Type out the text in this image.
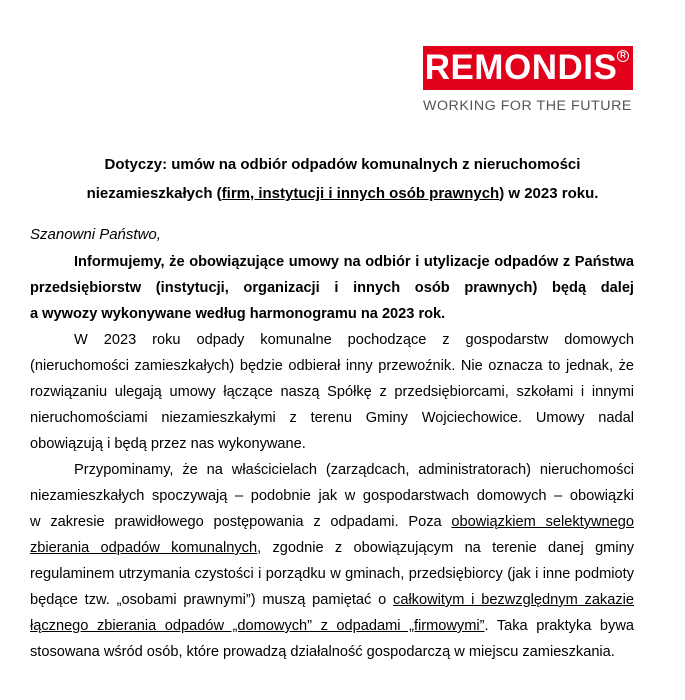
REMONDIS R
WORKING FOR THE FUTURE
Dotyczy: umów na odbiór odpadów komunalnych z nieruchomości
niezamieszkałych (firm, instytucji i innych osób prawnych) w 2023 roku.
Szanowni Państwo,
Informujemy, że obowiązujące umowy na odbiór i utylizacje odpadów z Państwa
przedsiębiorstw (instytucji, organizacji i innych osób prawnych) będą dalej
a wywozy wykonywane według harmonogramu na 2023 rok.
W 2023 roku odpady komunalne pochodzące z gospodarstw domowych
(nieruchomości zamieszkałych) będzie odbierał inny przewoźnik. Nie oznacza to jednak, że
rozwiązaniu ulegają umowy łączące naszą Spółkę z przedsiębiorcami, szkołami i innymi
nieruchomościami niezamieszkałymi z terenu Gminy Wojciechowice. Umowy nadal
obowiązują i będą przez nas wykonywane.
Przypominamy, że na właścicielach (zarządcach, administratorach) nieruchomości
niezamieszkałych spoczywają – podobnie jak w gospodarstwach domowych – obowiązki
w zakresie prawidłowego postępowania z odpadami. Poza obowiązkiem selektywnego
zbierania odpadów komunalnych, zgodnie z obowiązującym na terenie danej gminy
regulaminem utrzymania czystości i porządku w gminach, przedsiębiorcy (jak i inne podmioty
będące tzw. „osobami prawnymi”) muszą pamiętać o całkowitym i bezwzględnym zakazie
łącznego zbierania odpadów „domowych” z odpadami „firmowymi”. Taka praktyka bywa
stosowana wśród osób, które prowadzą działalność gospodarczą w miejscu zamieszkania.
